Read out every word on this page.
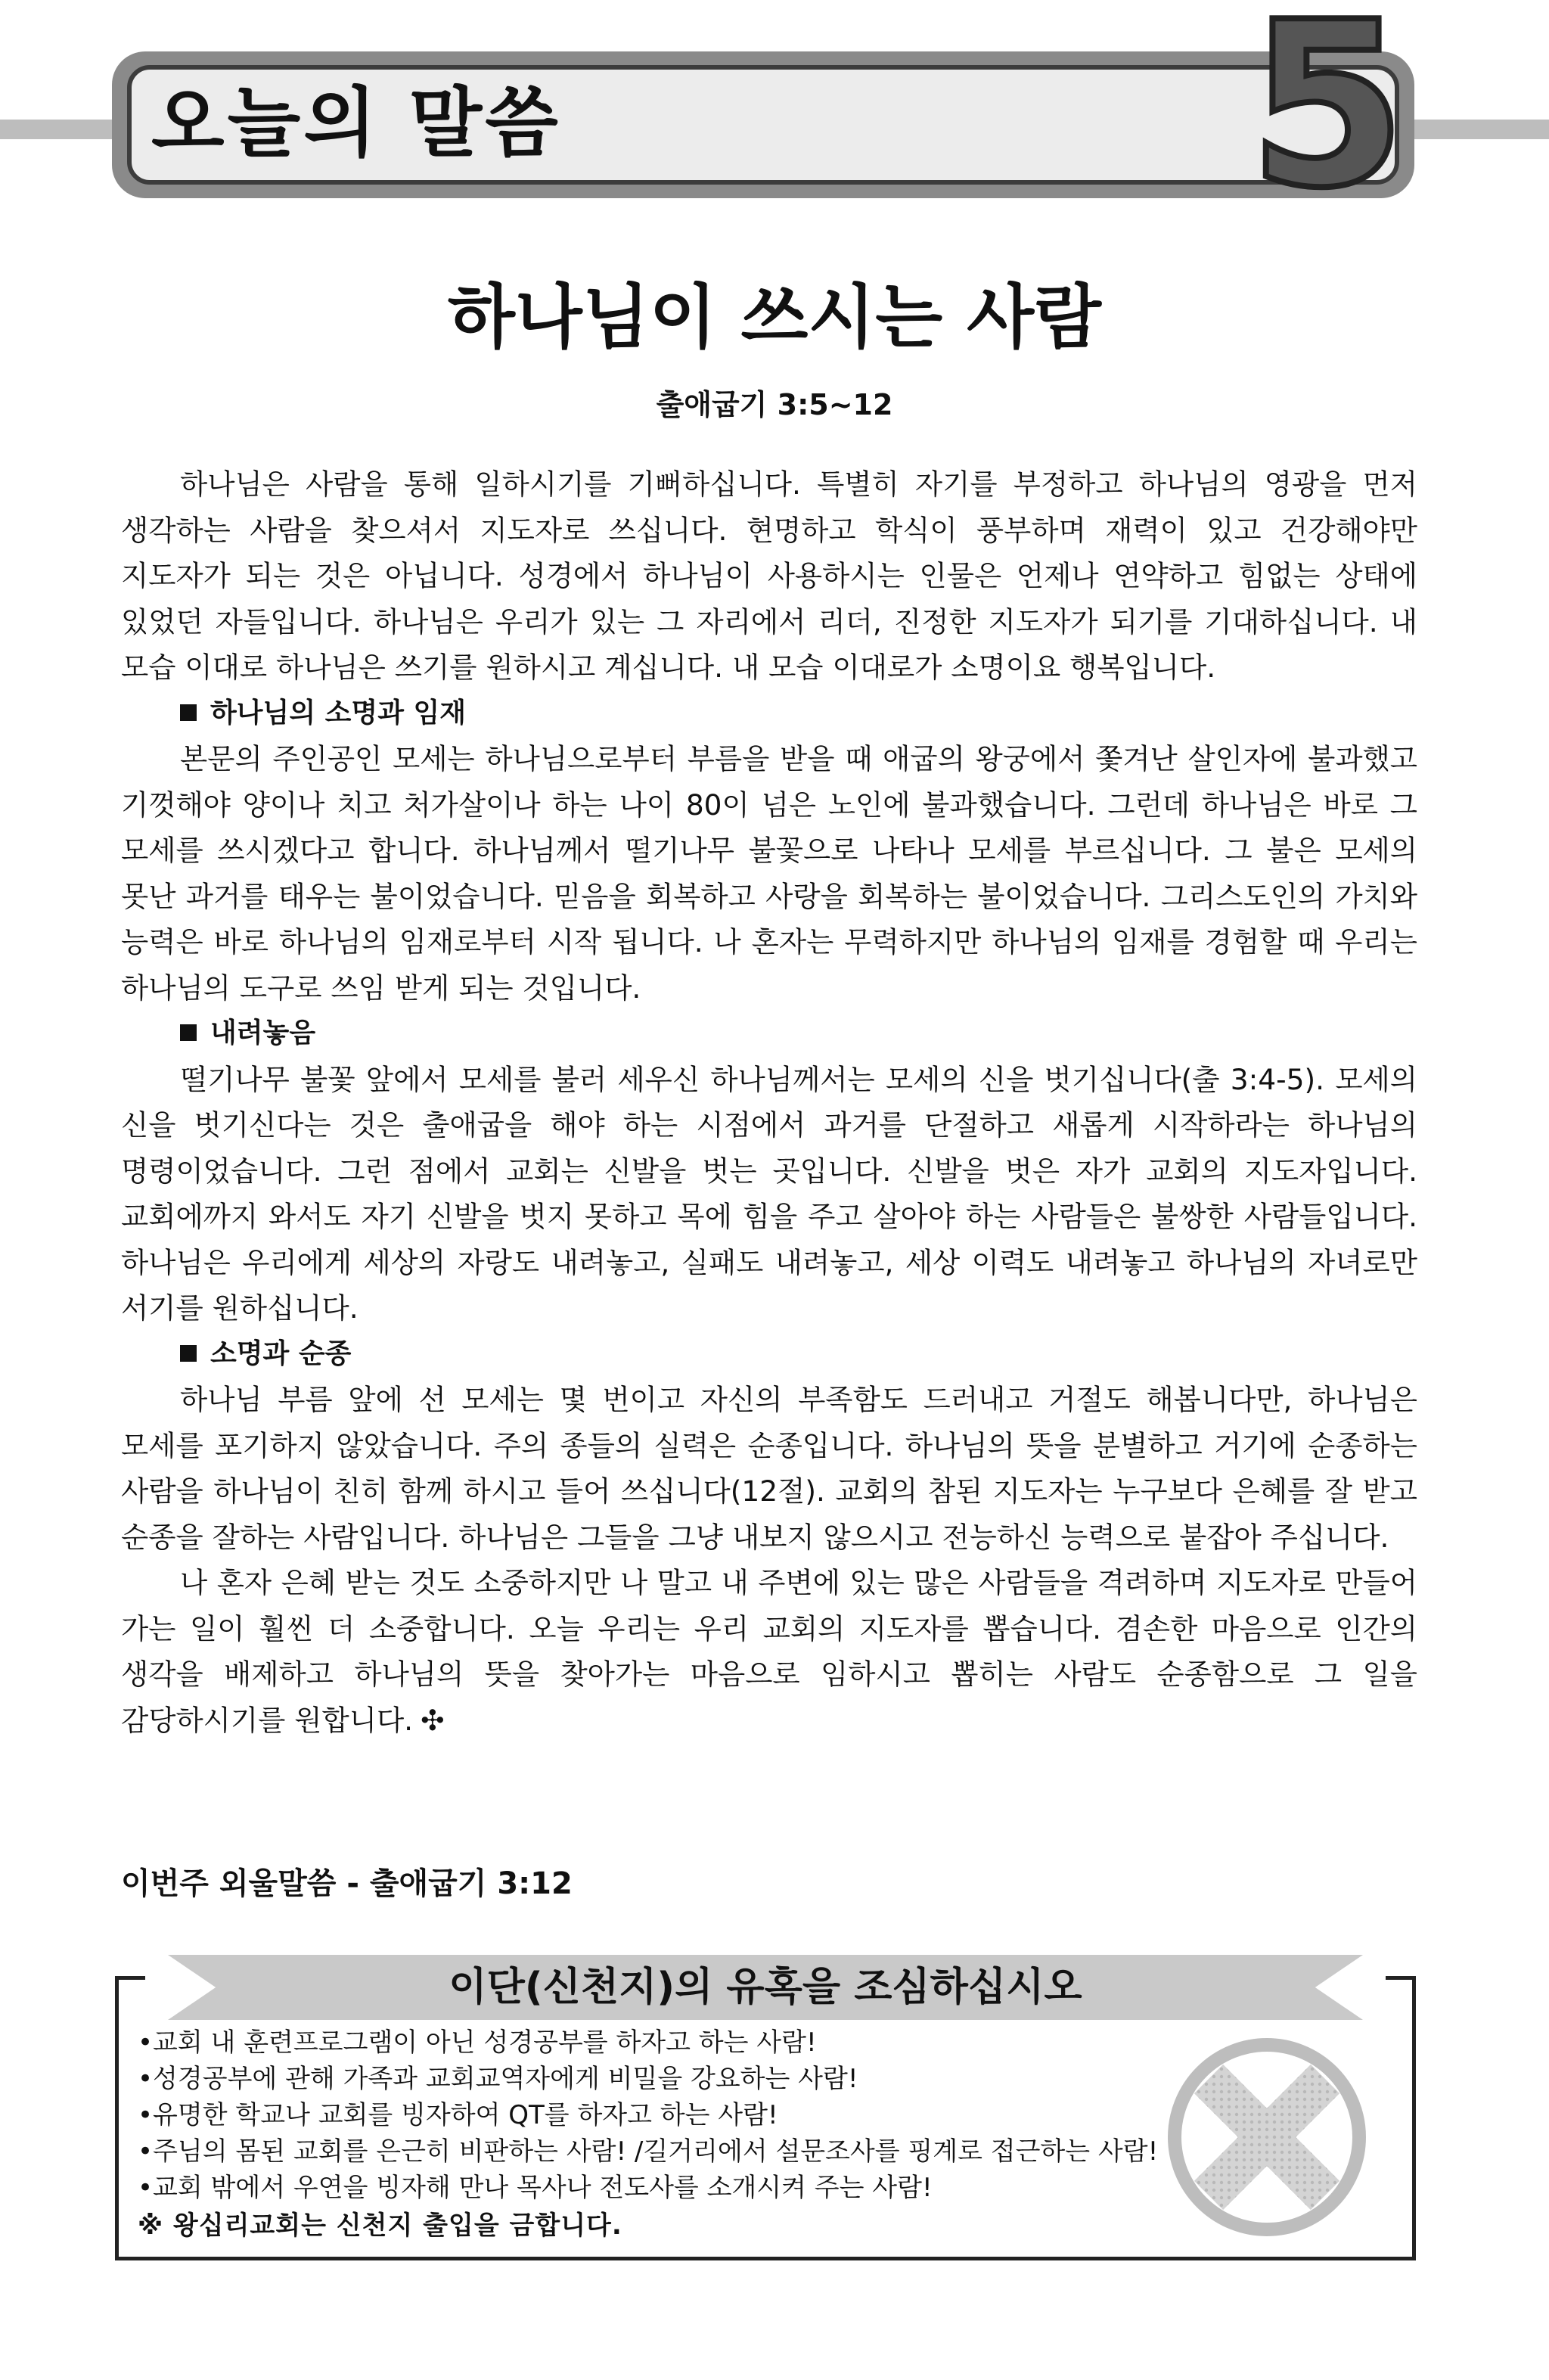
오늘의 말씀	5
하나님이 쓰시는 사람
출애굽기 3:5~12

하나님은 사람을 통해 일하시기를 기뻐하십니다. 특별히 자기를 부정하고 하나님의 영광을 먼저 생각하는 사람을 찾으셔서 지도자로 쓰십니다. 현명하고 학식이 풍부하며 재력이 있고 건강해야만 지도자가 되는 것은 아닙니다. 성경에서 하나님이 사용하시는 인물은 언제나 연약하고 힘없는 상태에 있었던 자들입니다. 하나님은 우리가 있는 그 자리에서 리더, 진정한 지도자가 되기를 기대하십니다. 내 모습 이대로 하나님은 쓰기를 원하시고 계십니다. 내 모습 이대로가 소명이요 행복입니다.

하나님의 소명과 임재

본문의 주인공인 모세는 하나님으로부터 부름을 받을 때 애굽의 왕궁에서 쫓겨난 살인자에 불과했고 기껏해야 양이나 치고 처가살이나 하는 나이 80이 넘은 노인에 불과했습니다. 그런데 하나님은 바로 그 모세를 쓰시겠다고 합니다. 하나님께서 떨기나무 불꽃으로 나타나 모세를 부르십니다. 그 불은 모세의 못난 과거를 태우는 불이었습니다. 믿음을 회복하고 사랑을 회복하는 불이었습니다. 그리스도인의 가치와 능력은 바로 하나님의 임재로부터 시작 됩니다. 나 혼자는 무력하지만 하나님의 임재를 경험할 때 우리는 하나님의 도구로 쓰임 받게 되는 것입니다.

내려놓음

떨기나무 불꽃 앞에서 모세를 불러 세우신 하나님께서는 모세의 신을 벗기십니다(출 3:4-5). 모세의 신을 벗기신다는 것은 출애굽을 해야 하는 시점에서 과거를 단절하고 새롭게 시작하라는 하나님의 명령이었습니다. 그런 점에서 교회는 신발을 벗는 곳입니다. 신발을 벗은 자가 교회의 지도자입니다. 교회에까지 와서도 자기 신발을 벗지 못하고 목에 힘을 주고 살아야 하는 사람들은 불쌍한 사람들입니다. 하나님은 우리에게 세상의 자랑도 내려놓고, 실패도 내려놓고, 세상 이력도 내려놓고 하나님의 자녀로만 서기를 원하십니다.

소명과 순종

하나님 부름 앞에 선 모세는 몇 번이고 자신의 부족함도 드러내고 거절도 해봅니다만, 하나님은 모세를 포기하지 않았습니다. 주의 종들의 실력은 순종입니다. 하나님의 뜻을 분별하고 거기에 순종하는 사람을 하나님이 친히 함께 하시고 들어 쓰십니다(12절). 교회의 참된 지도자는 누구보다 은혜를 잘 받고 순종을 잘하는 사람입니다. 하나님은 그들을 그냥 내보지 않으시고 전능하신 능력으로 붙잡아 주십니다.

나 혼자 은혜 받는 것도 소중하지만 나 말고 내 주변에 있는 많은 사람들을 격려하며 지도자로 만들어 가는 일이 훨씬 더 소중합니다. 오늘 우리는 우리 교회의 지도자를 뽑습니다. 겸손한 마음으로 인간의 생각을 배제하고 하나님의 뜻을 찾아가는 마음으로 임하시고 뽑히는 사람도 순종함으로 그 일을 감당하시기를 원합니다. ✣

이번주 외울말씀 - 출애굽기 3:12
이단(신천지)의 유혹을 조심하십시오
•교회 내 훈련프로그램이 아닌 성경공부를 하자고 하는 사람!
•성경공부에 관해 가족과 교회교역자에게 비밀을 강요하는 사람!
•유명한 학교나 교회를 빙자하여 QT를 하자고 하는 사람!
•주님의 몸된 교회를 은근히 비판하는 사람! /길거리에서 설문조사를 핑계로 접근하는 사람!
•교회 밖에서 우연을 빙자해 만나 목사나 전도사를 소개시켜 주는 사람!
※ 왕십리교회는 신천지 출입을 금합니다.
